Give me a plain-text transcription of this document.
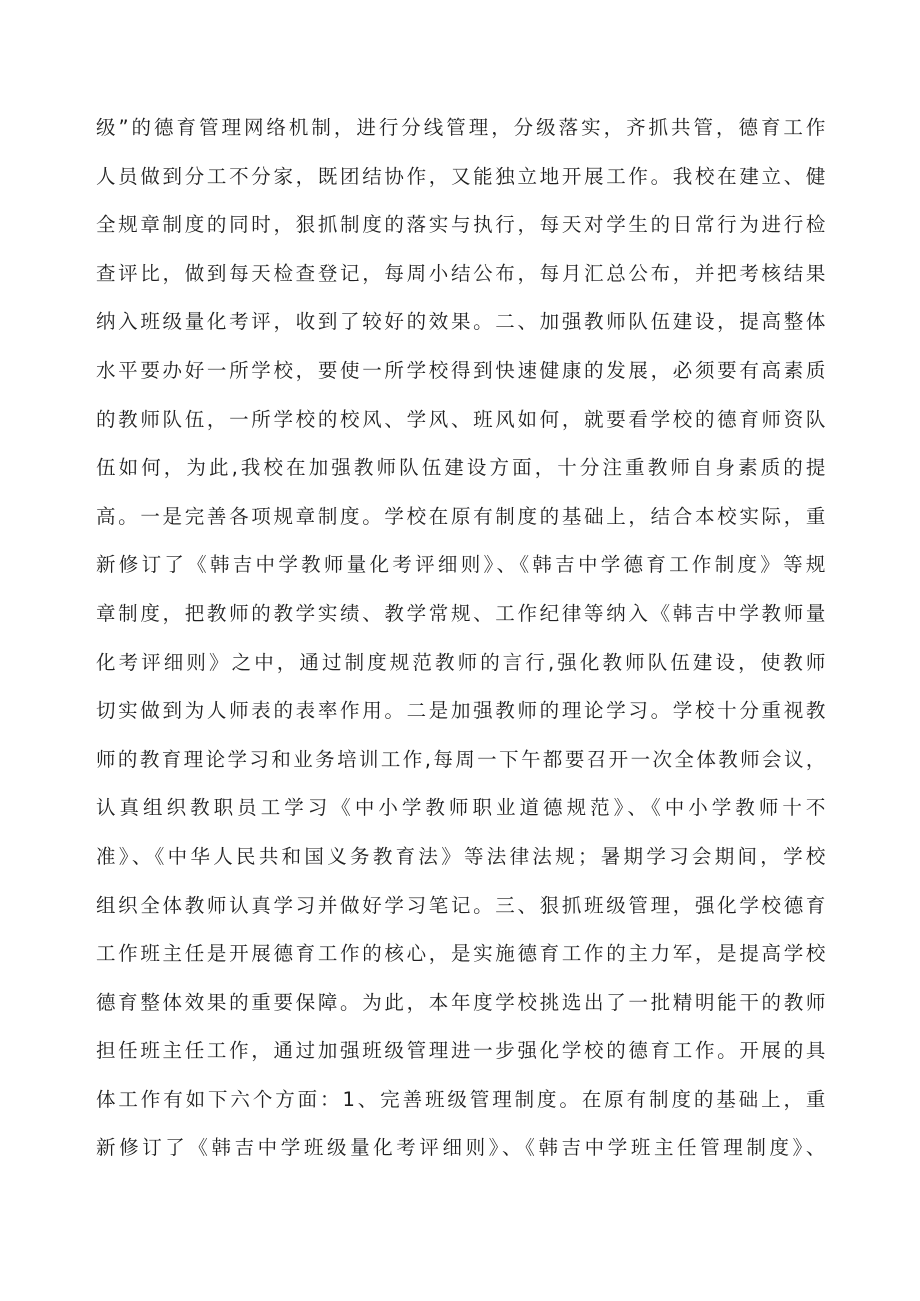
级”的德育管理网络机制，进行分线管理，分级落实，齐抓共管，德育工作
人员做到分工不分家，既团结协作，又能独立地开展工作。我校在建立、健
全规章制度的同时，狠抓制度的落实与执行，每天对学生的日常行为进行检
查评比，做到每天检查登记，每周小结公布，每月汇总公布，并把考核结果
纳入班级量化考评，收到了较好的效果。二、加强教师队伍建设，提高整体
水平要办好一所学校，要使一所学校得到快速健康的发展，必须要有高素质
的教师队伍，一所学校的校风、学风、班风如何，就要看学校的德育师资队
伍如何，为此,我校在加强教师队伍建设方面，十分注重教师自身素质的提
高。一是完善各项规章制度。学校在原有制度的基础上，结合本校实际，重
新修订了《韩吉中学教师量化考评细则》、《韩吉中学德育工作制度》等规
章制度，把教师的教学实绩、教学常规、工作纪律等纳入《韩吉中学教师量
化考评细则》之中，通过制度规范教师的言行,强化教师队伍建设，使教师
切实做到为人师表的表率作用。二是加强教师的理论学习。学校十分重视教
师的教育理论学习和业务培训工作,每周一下午都要召开一次全体教师会议，
认真组织教职员工学习《中小学教师职业道德规范》、《中小学教师十不
准》、《中华人民共和国义务教育法》等法律法规；暑期学习会期间，学校
组织全体教师认真学习并做好学习笔记。三、狠抓班级管理，强化学校德育
工作班主任是开展德育工作的核心，是实施德育工作的主力军，是提高学校
德育整体效果的重要保障。为此，本年度学校挑选出了一批精明能干的教师
担任班主任工作，通过加强班级管理进一步强化学校的德育工作。开展的具
体工作有如下六个方面：1、完善班级管理制度。在原有制度的基础上，重
新修订了《韩吉中学班级量化考评细则》、《韩吉中学班主任管理制度》、
